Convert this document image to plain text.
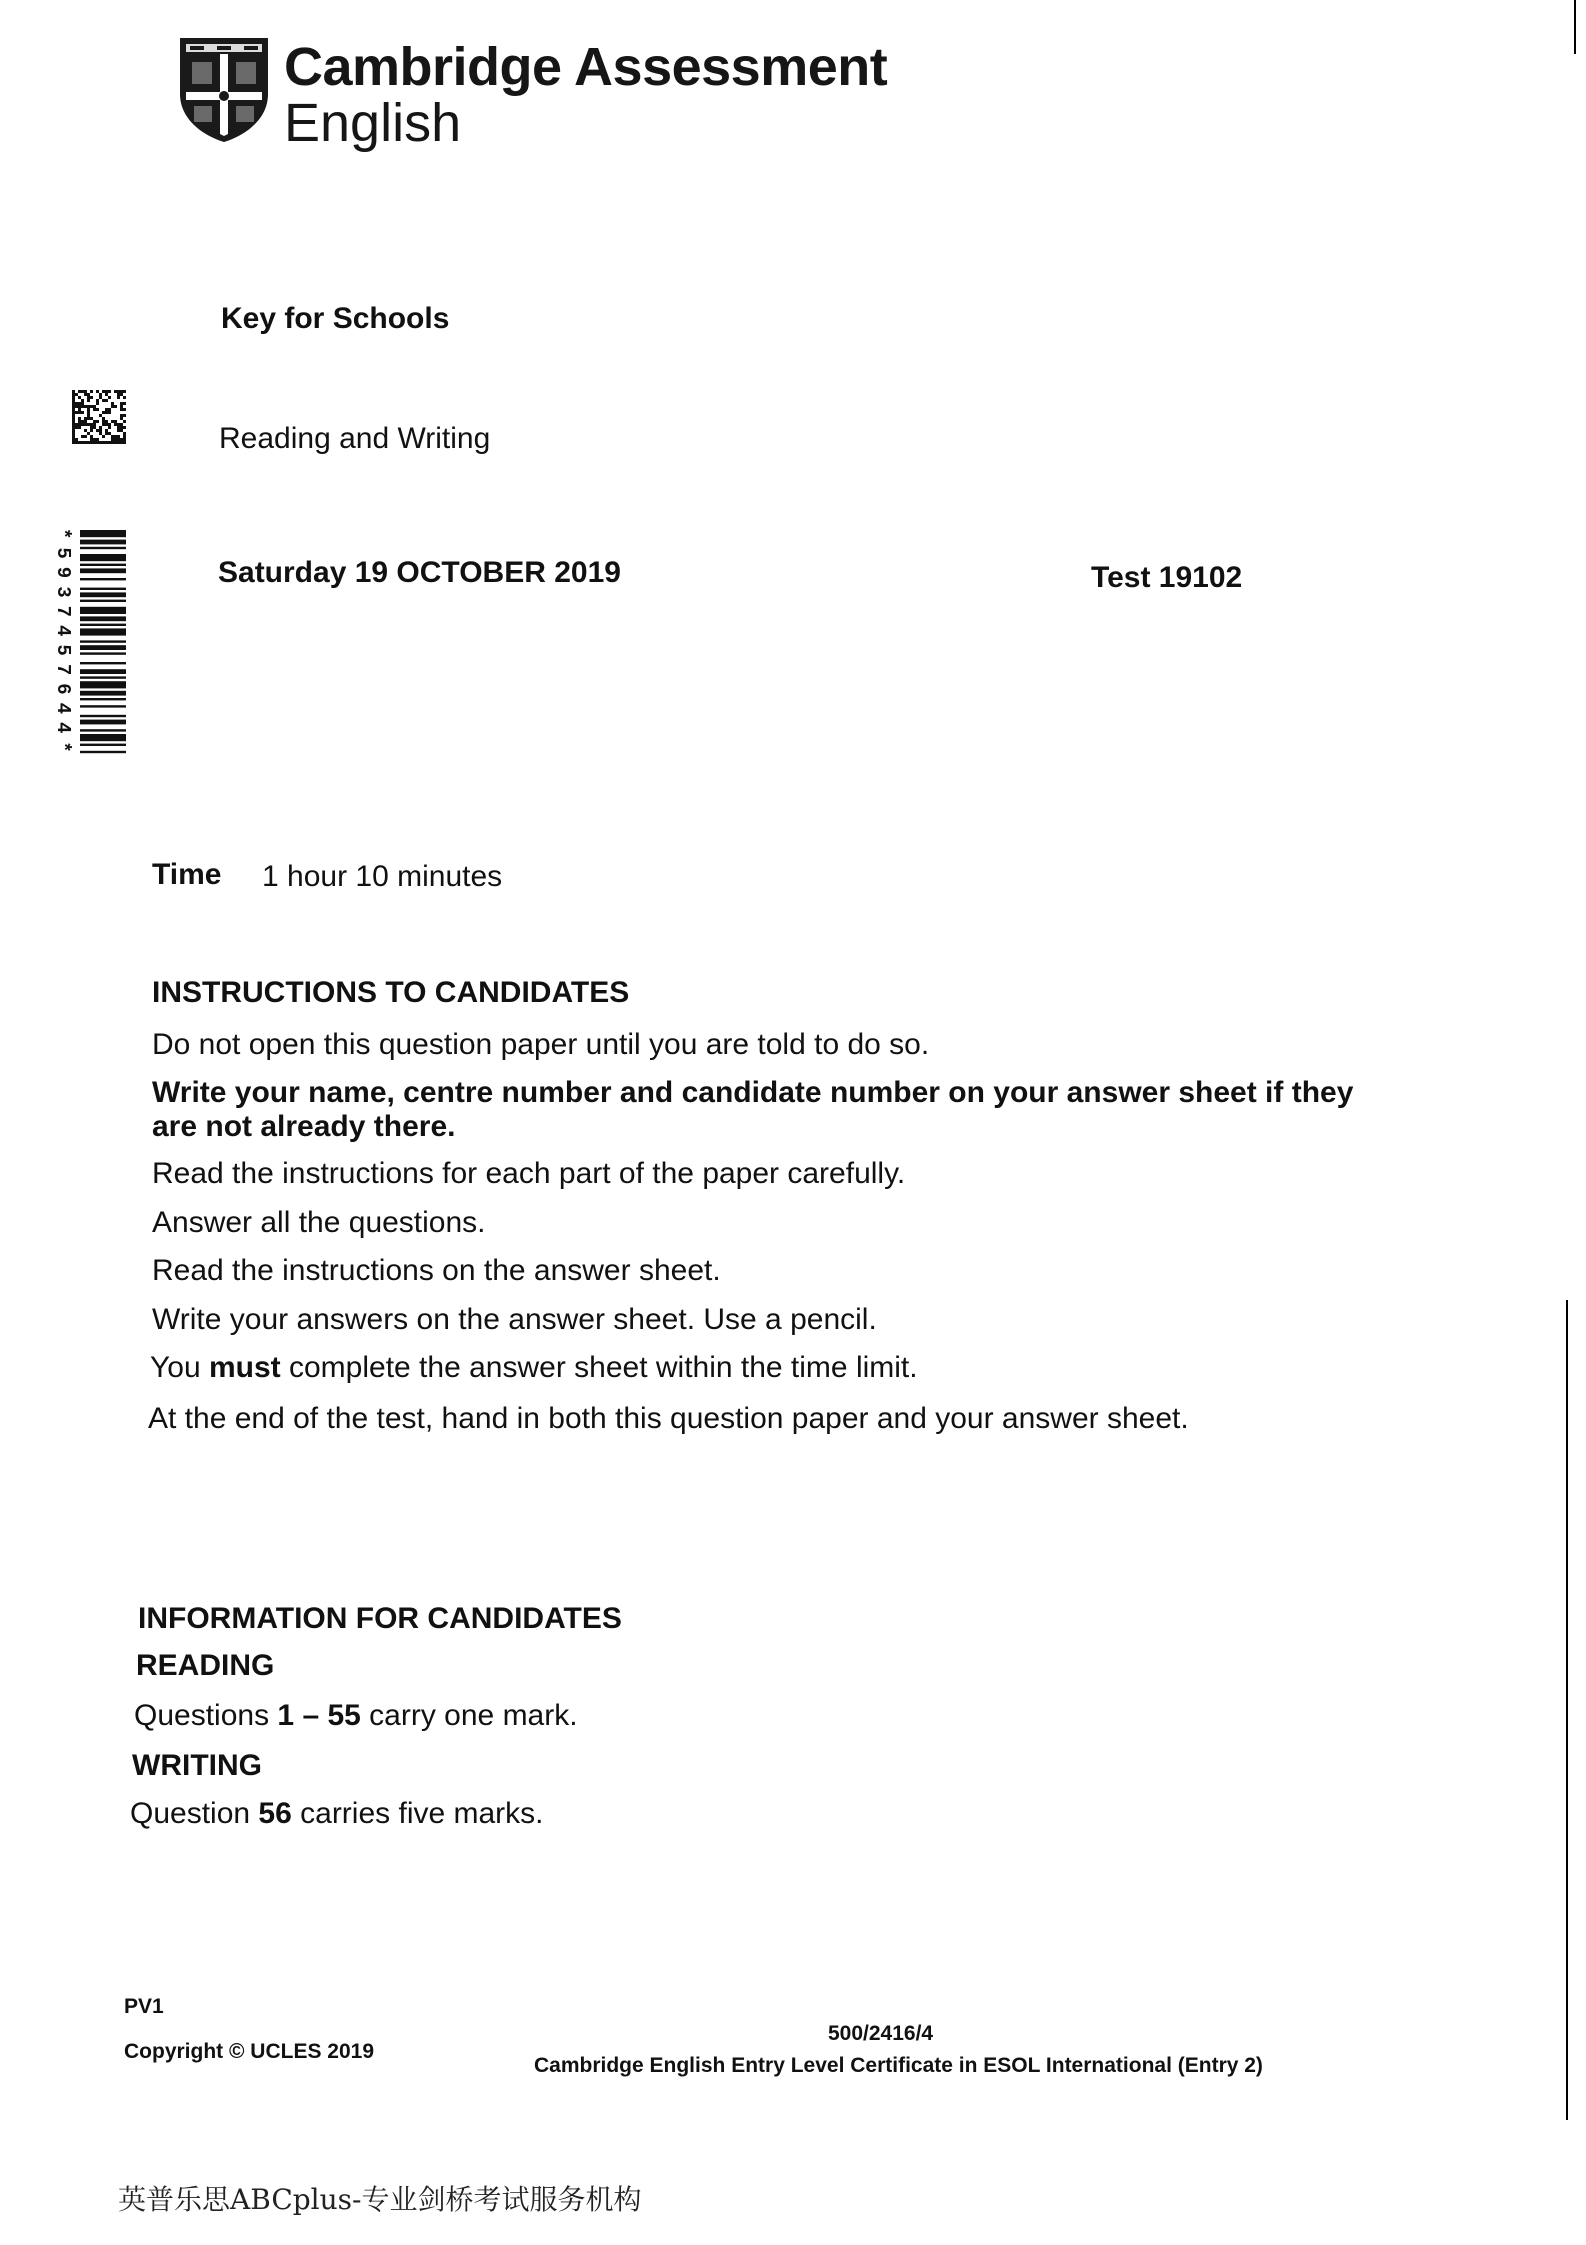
Cambridge Assessment
English
Key for Schools
Reading and Writing
Saturday 19 OCTOBER 2019	Test 19102
*5937457644*
Time 1 hour 10 minutes
INSTRUCTIONS TO CANDIDATES
Do not open this question paper until you are told to do so.
Write your name, centre number and candidate number on your answer sheet if they are not already there.
Read the instructions for each part of the paper carefully.
Answer all the questions.
Read the instructions on the answer sheet.
Write your answers on the answer sheet. Use a pencil.
You must complete the answer sheet within the time limit.
At the end of the test, hand in both this question paper and your answer sheet.
INFORMATION FOR CANDIDATES
READING
Questions 1 – 55 carry one mark.
WRITING
Question 56 carries five marks.
PV1
Copyright © UCLES 2019
500/2416/4
Cambridge English Entry Level Certificate in ESOL International (Entry 2)
英普乐思ABCplus-专业剑桥考试服务机构
